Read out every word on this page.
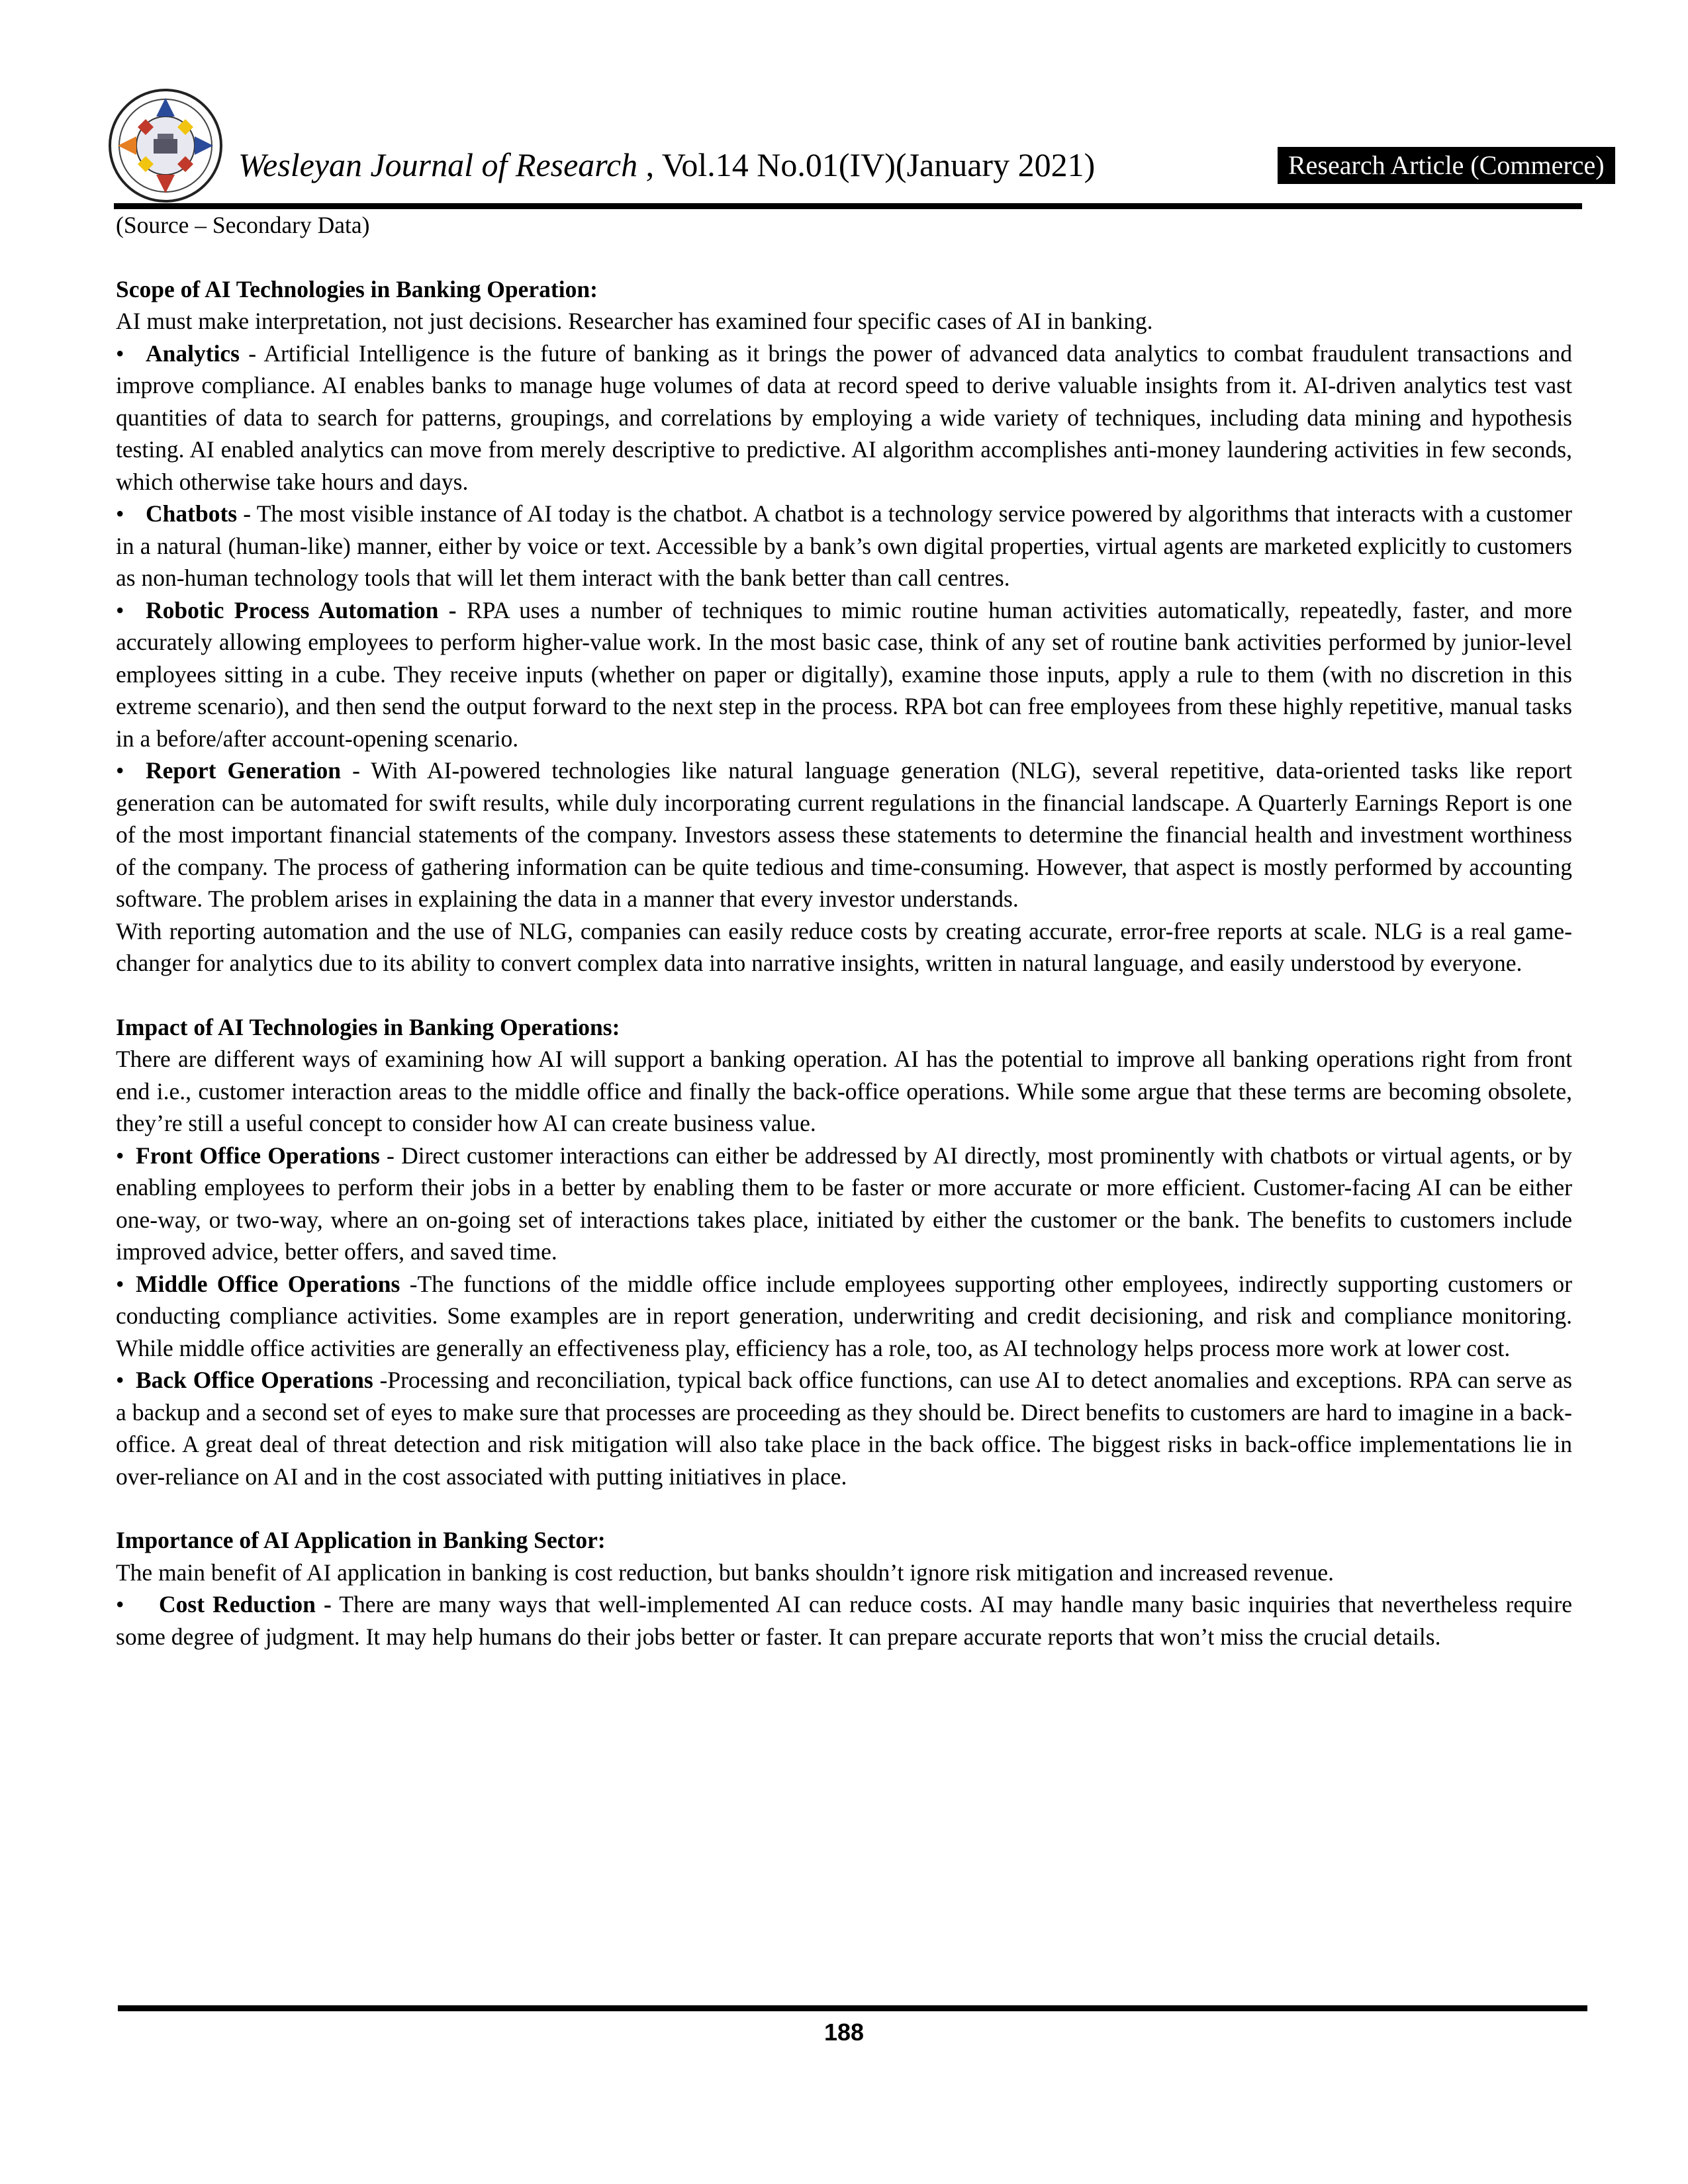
Wesleyan Journal of Research , Vol.14 No.01(IV)(January 2021)	Research Article (Commerce)

(Source – Secondary Data)

Scope of AI Technologies in Banking Operation:

AI must make interpretation, not just decisions. Researcher has examined four specific cases of AI in banking.

• Analytics - Artificial Intelligence is the future of banking as it brings the power of advanced data analytics to combat fraudulent transactions and improve compliance. AI enables banks to manage huge volumes of data at record speed to derive valuable insights from it. AI-driven analytics test vast quantities of data to search for patterns, groupings, and correlations by employing a wide variety of techniques, including data mining and hypothesis testing. AI enabled analytics can move from merely descriptive to predictive. AI algorithm accomplishes anti-money laundering activities in few seconds, which otherwise take hours and days.

• Chatbots - The most visible instance of AI today is the chatbot. A chatbot is a technology service powered by algorithms that interacts with a customer in a natural (human-like) manner, either by voice or text. Accessible by a bank’s own digital properties, virtual agents are marketed explicitly to customers as non-human technology tools that will let them interact with the bank better than call centres.

• Robotic Process Automation - RPA uses a number of techniques to mimic routine human activities automatically, repeatedly, faster, and more accurately allowing employees to perform higher-value work. In the most basic case, think of any set of routine bank activities performed by junior-level employees sitting in a cube. They receive inputs (whether on paper or digitally), examine those inputs, apply a rule to them (with no discretion in this extreme scenario), and then send the output forward to the next step in the process. RPA bot can free employees from these highly repetitive, manual tasks in a before/after account-opening scenario.

• Report Generation - With AI-powered technologies like natural language generation (NLG), several repetitive, data-oriented tasks like report generation can be automated for swift results, while duly incorporating current regulations in the financial landscape. A Quarterly Earnings Report is one of the most important financial statements of the company. Investors assess these statements to determine the financial health and investment worthiness of the company. The process of gathering information can be quite tedious and time-consuming. However, that aspect is mostly performed by accounting software. The problem arises in explaining the data in a manner that every investor understands.

With reporting automation and the use of NLG, companies can easily reduce costs by creating accurate, error-free reports at scale. NLG is a real game-changer for analytics due to its ability to convert complex data into narrative insights, written in natural language, and easily understood by everyone.

Impact of AI Technologies in Banking Operations:

There are different ways of examining how AI will support a banking operation. AI has the potential to improve all banking operations right from front end i.e., customer interaction areas to the middle office and finally the back-office operations. While some argue that these terms are becoming obsolete, they’re still a useful concept to consider how AI can create business value.

• Front Office Operations - Direct customer interactions can either be addressed by AI directly, most prominently with chatbots or virtual agents, or by enabling employees to perform their jobs in a better by enabling them to be faster or more accurate or more efficient. Customer-facing AI can be either one-way, or two-way, where an on-going set of interactions takes place, initiated by either the customer or the bank. The benefits to customers include improved advice, better offers, and saved time.

• Middle Office Operations -The functions of the middle office include employees supporting other employees, indirectly supporting customers or conducting compliance activities. Some examples are in report generation, underwriting and credit decisioning, and risk and compliance monitoring. While middle office activities are generally an effectiveness play, efficiency has a role, too, as AI technology helps process more work at lower cost.

• Back Office Operations -Processing and reconciliation, typical back office functions, can use AI to detect anomalies and exceptions. RPA can serve as a backup and a second set of eyes to make sure that processes are proceeding as they should be. Direct benefits to customers are hard to imagine in a back-office. A great deal of threat detection and risk mitigation will also take place in the back office. The biggest risks in back-office implementations lie in over-reliance on AI and in the cost associated with putting initiatives in place.

Importance of AI Application in Banking Sector:

The main benefit of AI application in banking is cost reduction, but banks shouldn’t ignore risk mitigation and increased revenue.

• Cost Reduction - There are many ways that well-implemented AI can reduce costs. AI may handle many basic inquiries that nevertheless require some degree of judgment. It may help humans do their jobs better or faster. It can prepare accurate reports that won’t miss the crucial details.

188
